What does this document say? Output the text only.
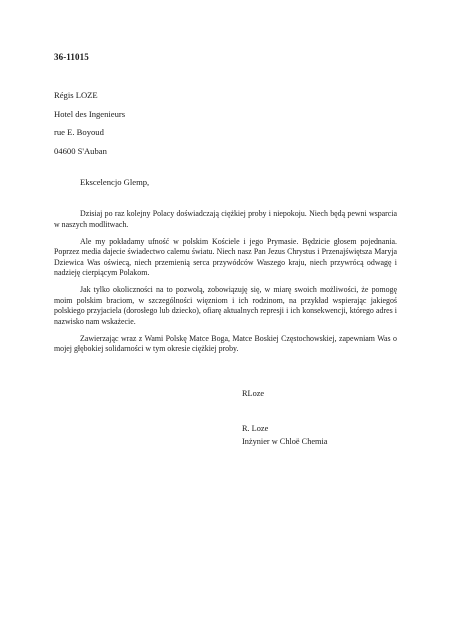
36-11015
Régis LOZE
Hotel des Ingenieurs
rue E. Boyoud
04600 S'Auban
Ekscelencjo Glemp,

Dzisiaj po raz kolejny Polacy doświadczają ciężkiej proby i niepokoju. Niech będą pewni wsparcia w naszych modlitwach.

Ale my pokładamy ufność w polskim Kościele i jego Prymasie. Będzicie głosem pojednania. Poprzez media dajecie świadectwo calemu światu. Niech nasz Pan Jezus Chrystus i Przenajświętsza Maryja Dziewica Was oświecą, niech przemienią serca przywódców Waszego kraju, niech przywrócą odwagę i nadzieję cierpiącym Polakom.

Jak tylko okoliczności na to pozwolą, zobowiązuję się, w miarę swoich możliwości, że pomogę moim polskim braciom, w szczególności więzniom i ich rodzinom, na przykład wspierając jakiegoś polskiego przyjaciela (dorosłego lub dziecko), ofiarę aktualnych represji i ich konsekwencji, którego adres i nazwisko nam wskażecie.

Zawierzając wraz z Wami Polskę Matce Boga, Matce Boskiej Częstochowskiej, zapewniam Was o mojej głębokiej solidarności w tym okresie ciężkiej proby.

RLoze
R. Loze
Inżynier w Chloë Chemia
